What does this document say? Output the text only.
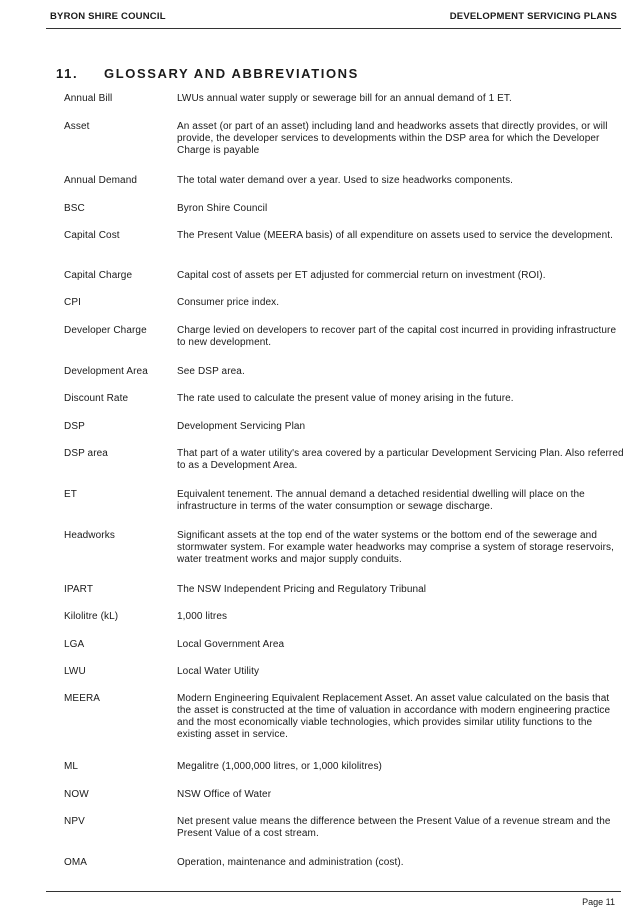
BYRON SHIRE COUNCIL	DEVELOPMENT SERVICING PLANS
11. GLOSSARY AND ABBREVIATIONS
Annual Bill	LWUs annual water supply or sewerage bill for an annual demand of 1 ET.
Asset	An asset (or part of an asset) including land and headworks assets that directly provides, or will provide, the developer services to developments within the DSP area for which the Developer Charge is payable
Annual Demand	The total water demand over a year. Used to size headworks components.
BSC	Byron Shire Council
Capital Cost	The Present Value (MEERA basis) of all expenditure on assets used to service the development.
Capital Charge	Capital cost of assets per ET adjusted for commercial return on investment (ROI).
CPI	Consumer price index.
Developer Charge	Charge levied on developers to recover part of the capital cost incurred in providing infrastructure to new development.
Development Area	See DSP area.
Discount Rate	The rate used to calculate the present value of money arising in the future.
DSP	Development Servicing Plan
DSP area	That part of a water utility's area covered by a particular Development Servicing Plan. Also referred to as a Development Area.
ET	Equivalent tenement. The annual demand a detached residential dwelling will place on the infrastructure in terms of the water consumption or sewage discharge.
Headworks	Significant assets at the top end of the water systems or the bottom end of the sewerage and stormwater system. For example water headworks may comprise a system of storage reservoirs, water treatment works and major supply conduits.
IPART	The NSW Independent Pricing and Regulatory Tribunal
Kilolitre (kL)	1,000 litres
LGA	Local Government Area
LWU	Local Water Utility
MEERA	Modern Engineering Equivalent Replacement Asset. An asset value calculated on the basis that the asset is constructed at the time of valuation in accordance with modern engineering practice and the most economically viable technologies, which provides similar utility functions to the existing asset in service.
ML	Megalitre (1,000,000 litres, or 1,000 kilolitres)
NOW	NSW Office of Water
NPV	Net present value means the difference between the Present Value of a revenue stream and the Present Value of a cost stream.
OMA	Operation, maintenance and administration (cost).
Page 11
